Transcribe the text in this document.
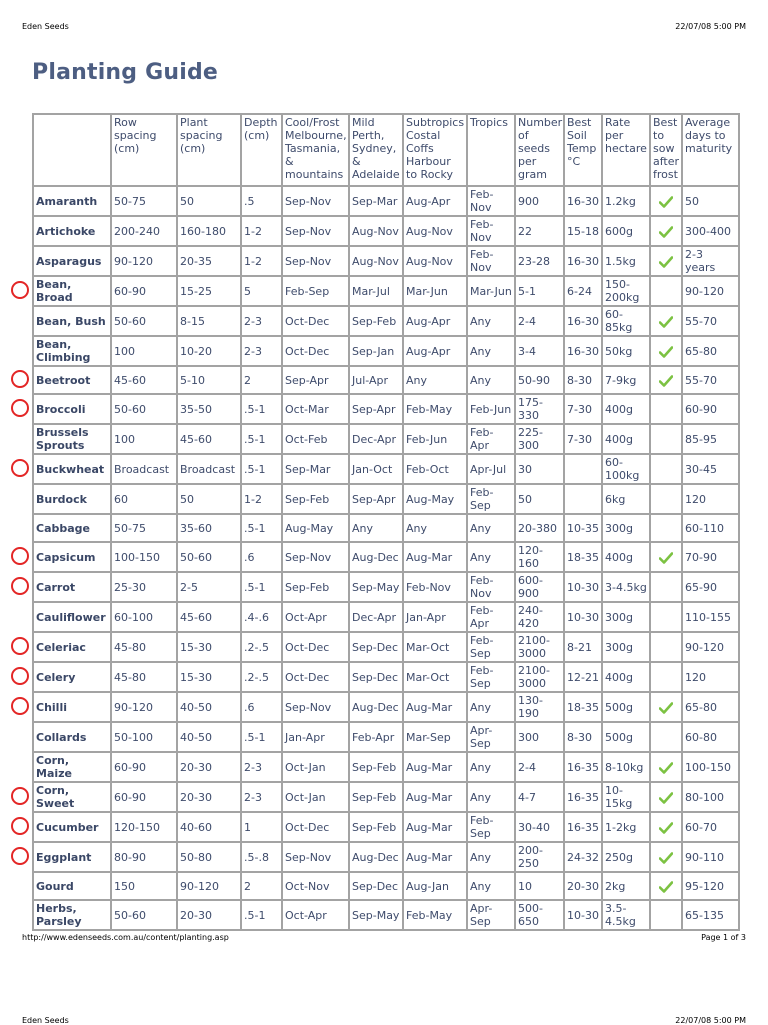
Eden Seeds	22/07/08 5:00 PM
Planting Guide
	Row spacing (cm)	Plant spacing (cm)	Depth (cm)	Cool/Frost Melbourne, Tasmania, & mountains	Mild Perth, Sydney, & Adelaide	Subtropics Costal Coffs Harbour to Rocky	Tropics	Number of seeds per gram	Best Soil Temp °C	Rate per hectare	Best to sow after frost	Average days to maturity
Amaranth	50-75	50	.5	Sep-Nov	Sep-Mar	Aug-Apr	Feb-Nov	900	16-30	1.2kg		50
Artichoke	200-240	160-180	1-2	Sep-Nov	Aug-Nov	Aug-Nov	Feb-Nov	22	15-18	600g		300-400
Asparagus	90-120	20-35	1-2	Sep-Nov	Aug-Nov	Aug-Nov	Feb-Nov	23-28	16-30	1.5kg		2-3 years
Bean, Broad	60-90	15-25	5	Feb-Sep	Mar-Jul	Mar-Jun	Mar-Jun	5-1	6-24	150-200kg		90-120
Bean, Bush	50-60	8-15	2-3	Oct-Dec	Sep-Feb	Aug-Apr	Any	2-4	16-30	60-85kg		55-70
Bean, Climbing	100	10-20	2-3	Oct-Dec	Sep-Jan	Aug-Apr	Any	3-4	16-30	50kg		65-80
Beetroot	45-60	5-10	2	Sep-Apr	Jul-Apr	Any	Any	50-90	8-30	7-9kg		55-70
Broccoli	50-60	35-50	.5-1	Oct-Mar	Sep-Apr	Feb-May	Feb-Jun	175-330	7-30	400g		60-90
Brussels Sprouts	100	45-60	.5-1	Oct-Feb	Dec-Apr	Feb-Jun	Feb-Apr	225-300	7-30	400g		85-95
Buckwheat	Broadcast	Broadcast	.5-1	Sep-Mar	Jan-Oct	Feb-Oct	Apr-Jul	30		60-100kg		30-45
Burdock	60	50	1-2	Sep-Feb	Sep-Apr	Aug-May	Feb-Sep	50		6kg		120
Cabbage	50-75	35-60	.5-1	Aug-May	Any	Any	Any	20-380	10-35	300g		60-110
Capsicum	100-150	50-60	.6	Sep-Nov	Aug-Dec	Aug-Mar	Any	120-160	18-35	400g		70-90
Carrot	25-30	2-5	.5-1	Sep-Feb	Sep-May	Feb-Nov	Feb-Nov	600-900	10-30	3-4.5kg		65-90
Cauliflower	60-100	45-60	.4-.6	Oct-Apr	Dec-Apr	Jan-Apr	Feb-Apr	240-420	10-30	300g		110-155
Celeriac	45-80	15-30	.2-.5	Oct-Dec	Sep-Dec	Mar-Oct	Feb-Sep	2100-3000	8-21	300g		90-120
Celery	45-80	15-30	.2-.5	Oct-Dec	Sep-Dec	Mar-Oct	Feb-Sep	2100-3000	12-21	400g		120
Chilli	90-120	40-50	.6	Sep-Nov	Aug-Dec	Aug-Mar	Any	130-190	18-35	500g		65-80
Collards	50-100	40-50	.5-1	Jan-Apr	Feb-Apr	Mar-Sep	Apr-Sep	300	8-30	500g		60-80
Corn, Maize	60-90	20-30	2-3	Oct-Jan	Sep-Feb	Aug-Mar	Any	2-4	16-35	8-10kg		100-150
Corn, Sweet	60-90	20-30	2-3	Oct-Jan	Sep-Feb	Aug-Mar	Any	4-7	16-35	10-15kg		80-100
Cucumber	120-150	40-60	1	Oct-Dec	Sep-Feb	Aug-Mar	Feb-Sep	30-40	16-35	1-2kg		60-70
Eggplant	80-90	50-80	.5-.8	Sep-Nov	Aug-Dec	Aug-Mar	Any	200-250	24-32	250g		90-110
Gourd	150	90-120	2	Oct-Nov	Sep-Dec	Aug-Jan	Any	10	20-30	2kg		95-120
Herbs, Parsley	50-60	20-30	.5-1	Oct-Apr	Sep-May	Feb-May	Apr-Sep	500-650	10-30	3.5-4.5kg		65-135
http://www.edenseeds.com.au/content/planting.asp	Page 1 of 3
Eden Seeds	22/07/08 5:00 PM
